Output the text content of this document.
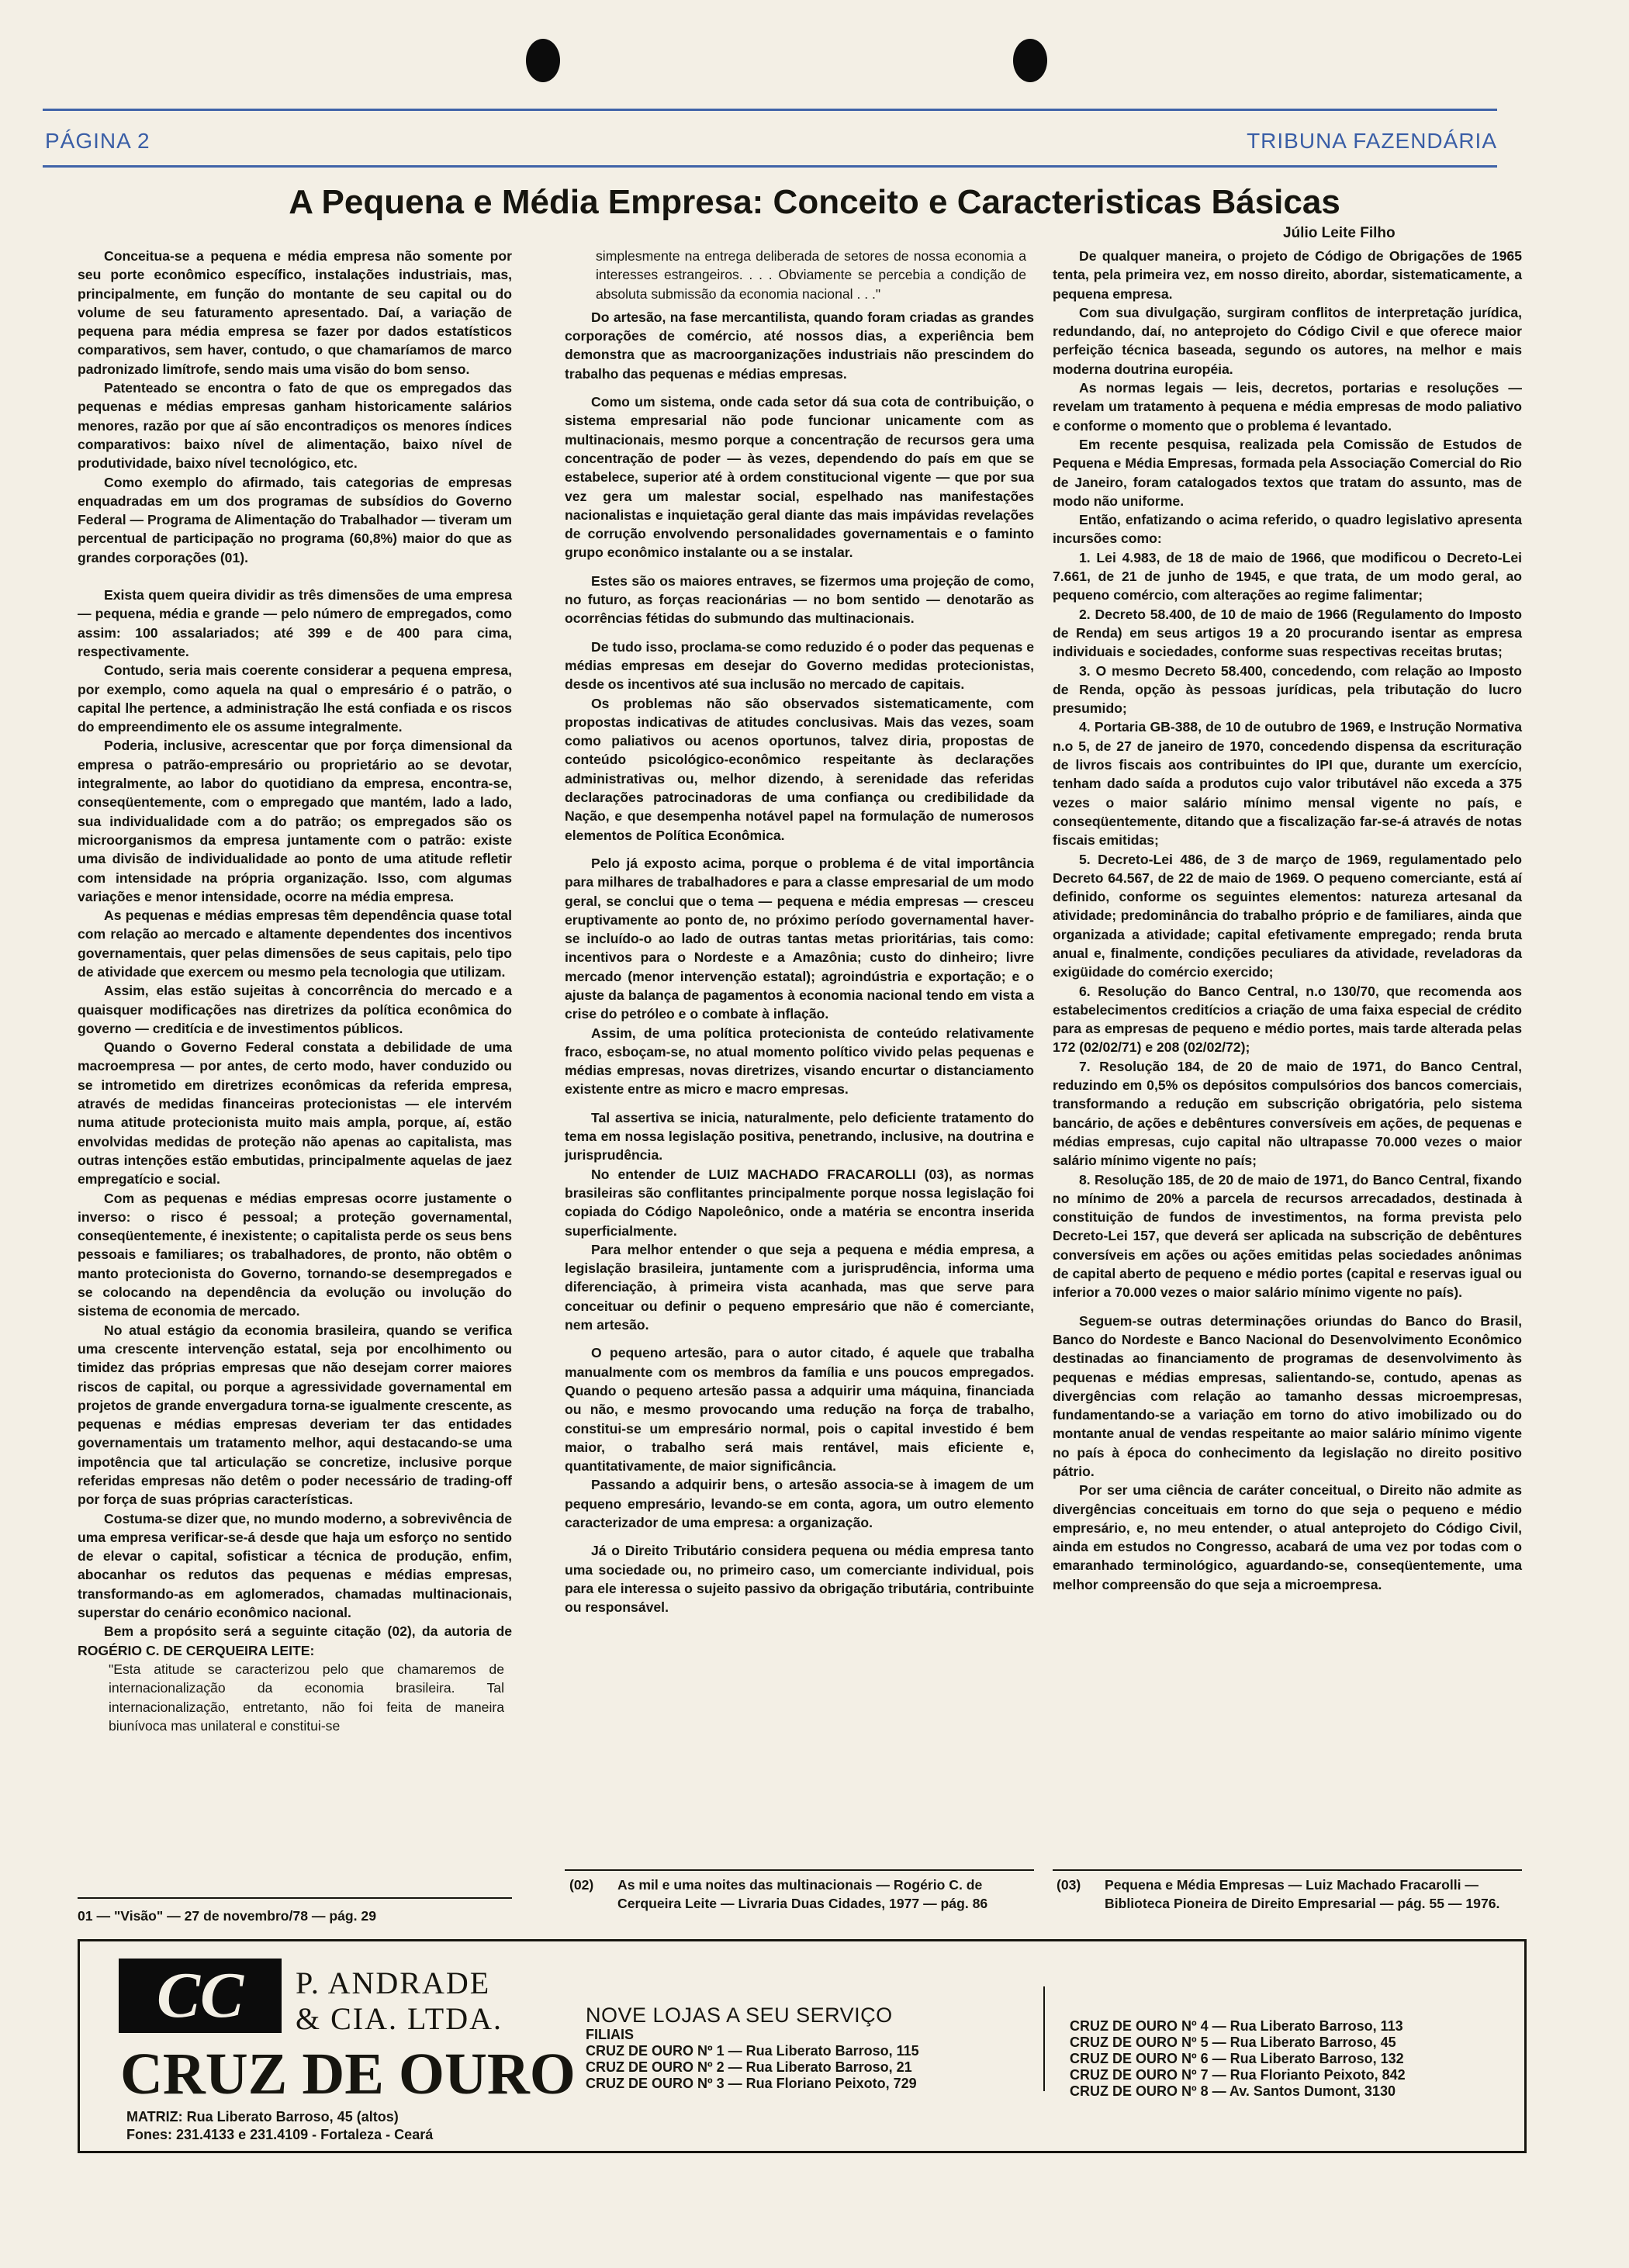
PÁGINA 2	TRIBUNA FAZENDÁRIA
A Pequena e Média Empresa: Conceito e Caracteristicas Básicas
Júlio Leite Filho

Conceitua-se a pequena e média empresa não somente por seu porte econômico específico, instalações industriais, mas, principalmente, em função do montante de seu capital ou do volume de seu faturamento apresentado. Daí, a variação de pequena para média empresa se fazer por dados estatísticos comparativos, sem haver, contudo, o que chamaríamos de marco padronizado limítrofe, sendo mais uma visão do bom senso.

Patenteado se encontra o fato de que os empregados das pequenas e médias empresas ganham historicamente salários menores, razão por que aí são encontradiços os menores índices comparativos: baixo nível de alimentação, baixo nível de produtividade, baixo nível tecnológico, etc.

Como exemplo do afirmado, tais categorias de empresas enquadradas em um dos programas de subsídios do Governo Federal — Programa de Alimentação do Trabalhador — tiveram um percentual de participação no programa (60,8%) maior do que as grandes corporações (01).

Exista quem queira dividir as três dimensões de uma empresa — pequena, média e grande — pelo número de empregados, como assim: 100 assalariados; até 399 e de 400 para cima, respectivamente.

Contudo, seria mais coerente considerar a pequena empresa, por exemplo, como aquela na qual o empresário é o patrão, o capital lhe pertence, a administração lhe está confiada e os riscos do empreendimento ele os assume integralmente.

Poderia, inclusive, acrescentar que por força dimensional da empresa o patrão-empresário ou proprietário ao se devotar, integralmente, ao labor do quotidiano da empresa, encontra-se, conseqüentemente, com o empregado que mantém, lado a lado, sua individualidade com a do patrão; os empregados são os microorganismos da empresa juntamente com o patrão: existe uma divisão de individualidade ao ponto de uma atitude refletir com intensidade na própria organização. Isso, com algumas variações e menor intensidade, ocorre na média empresa.

As pequenas e médias empresas têm dependência quase total com relação ao mercado e altamente dependentes dos incentivos governamentais, quer pelas dimensões de seus capitais, pelo tipo de atividade que exercem ou mesmo pela tecnologia que utilizam.

Assim, elas estão sujeitas à concorrência do mercado e a quaisquer modificações nas diretrizes da política econômica do governo — creditícia e de investimentos públicos.

Quando o Governo Federal constata a debilidade de uma macroempresa — por antes, de certo modo, haver conduzido ou se intrometido em diretrizes econômicas da referida empresa, através de medidas financeiras protecionistas — ele intervém numa atitude protecionista muito mais ampla, porque, aí, estão envolvidas medidas de proteção não apenas ao capitalista, mas outras intenções estão embutidas, principalmente aquelas de jaez empregatício e social.

Com as pequenas e médias empresas ocorre justamente o inverso: o risco é pessoal; a proteção governamental, conseqüentemente, é inexistente; o capitalista perde os seus bens pessoais e familiares; os trabalhadores, de pronto, não obtêm o manto protecionista do Governo, tornando-se desempregados e se colocando na dependência da evolução ou involução do sistema de economia de mercado.

No atual estágio da economia brasileira, quando se verifica uma crescente intervenção estatal, seja por encolhimento ou timidez das próprias empresas que não desejam correr maiores riscos de capital, ou porque a agressividade governamental em projetos de grande envergadura torna-se igualmente crescente, as pequenas e médias empresas deveriam ter das entidades governamentais um tratamento melhor, aqui destacando-se uma impotência que tal articulação se concretize, inclusive porque referidas empresas não detêm o poder necessário de trading-off por força de suas próprias características.

Costuma-se dizer que, no mundo moderno, a sobrevivência de uma empresa verificar-se-á desde que haja um esforço no sentido de elevar o capital, sofisticar a técnica de produção, enfim, abocanhar os redutos das pequenas e médias empresas, transformando-as em aglomerados, chamadas multinacionais, superstar do cenário econômico nacional.

Bem a propósito será a seguinte citação (02), da autoria de ROGÉRIO C. DE CERQUEIRA LEITE:

"Esta atitude se caracterizou pelo que chamaremos de internacionalização da economia brasileira. Tal internacionalização, entretanto, não foi feita de maneira biunívoca mas unilateral e constitui-se

simplesmente na entrega deliberada de setores de nossa economia a interesses estrangeiros. . . . Obviamente se percebia a condição de absoluta submissão da economia nacional . . ."

Do artesão, na fase mercantilista, quando foram criadas as grandes corporações de comércio, até nossos dias, a experiência bem demonstra que as macroorganizações industriais não prescindem do trabalho das pequenas e médias empresas.

Como um sistema, onde cada setor dá sua cota de contribuição, o sistema empresarial não pode funcionar unicamente com as multinacionais, mesmo porque a concentração de recursos gera uma concentração de poder — às vezes, dependendo do país em que se estabelece, superior até à ordem constitucional vigente — que por sua vez gera um malestar social, espelhado nas manifestações nacionalistas e inquietação geral diante das mais impávidas revelações de corrução envolvendo personalidades governamentais e o faminto grupo econômico instalante ou a se instalar.

Estes são os maiores entraves, se fizermos uma projeção de como, no futuro, as forças reacionárias — no bom sentido — denotarão as ocorrências fétidas do submundo das multinacionais.

De tudo isso, proclama-se como reduzido é o poder das pequenas e médias empresas em desejar do Governo medidas protecionistas, desde os incentivos até sua inclusão no mercado de capitais.

Os problemas não são observados sistematicamente, com propostas indicativas de atitudes conclusivas. Mais das vezes, soam como paliativos ou acenos oportunos, talvez diria, propostas de conteúdo psicológico-econômico respeitante às declarações administrativas ou, melhor dizendo, à serenidade das referidas declarações patrocinadoras de uma confiança ou credibilidade da Nação, e que desempenha notável papel na formulação de numerosos elementos de Política Econômica.

Pelo já exposto acima, porque o problema é de vital importância para milhares de trabalhadores e para a classe empresarial de um modo geral, se conclui que o tema — pequena e média empresas — cresceu eruptivamente ao ponto de, no próximo período governamental haver-se incluído-o ao lado de outras tantas metas prioritárias, tais como: incentivos para o Nordeste e a Amazônia; custo do dinheiro; livre mercado (menor intervenção estatal); agroindústria e exportação; e o ajuste da balança de pagamentos à economia nacional tendo em vista a crise do petróleo e o combate à inflação.

Assim, de uma política protecionista de conteúdo relativamente fraco, esboçam-se, no atual momento político vivido pelas pequenas e médias empresas, novas diretrizes, visando encurtar o distanciamento existente entre as micro e macro empresas.

Tal assertiva se inicia, naturalmente, pelo deficiente tratamento do tema em nossa legislação positiva, penetrando, inclusive, na doutrina e jurisprudência.

No entender de LUIZ MACHADO FRACAROLLI (03), as normas brasileiras são conflitantes principalmente porque nossa legislação foi copiada do Código Napoleônico, onde a matéria se encontra inserida superficialmente.

Para melhor entender o que seja a pequena e média empresa, a legislação brasileira, juntamente com a jurisprudência, informa uma diferenciação, à primeira vista acanhada, mas que serve para conceituar ou definir o pequeno empresário que não é comerciante, nem artesão.

O pequeno artesão, para o autor citado, é aquele que trabalha manualmente com os membros da família e uns poucos empregados. Quando o pequeno artesão passa a adquirir uma máquina, financiada ou não, e mesmo provocando uma redução na força de trabalho, constitui-se um empresário normal, pois o capital investido é bem maior, o trabalho será mais rentável, mais eficiente e, quantitativamente, de maior significância.

Passando a adquirir bens, o artesão associa-se à imagem de um pequeno empresário, levando-se em conta, agora, um outro elemento caracterizador de uma empresa: a organização.

Já o Direito Tributário considera pequena ou média empresa tanto uma sociedade ou, no primeiro caso, um comerciante individual, pois para ele interessa o sujeito passivo da obrigação tributária, contribuinte ou responsável.

De qualquer maneira, o projeto de Código de Obrigações de 1965 tenta, pela primeira vez, em nosso direito, abordar, sistematicamente, a pequena empresa.

Com sua divulgação, surgiram conflitos de interpretação jurídica, redundando, daí, no anteprojeto do Código Civil e que oferece maior perfeição técnica baseada, segundo os autores, na melhor e mais moderna doutrina européia.

As normas legais — leis, decretos, portarias e resoluções — revelam um tratamento à pequena e média empresas de modo paliativo e conforme o momento que o problema é levantado.

Em recente pesquisa, realizada pela Comissão de Estudos de Pequena e Média Empresas, formada pela Associação Comercial do Rio de Janeiro, foram catalogados textos que tratam do assunto, mas de modo não uniforme.

Então, enfatizando o acima referido, o quadro legislativo apresenta incursões como:

1. Lei 4.983, de 18 de maio de 1966, que modificou o Decreto-Lei 7.661, de 21 de junho de 1945, e que trata, de um modo geral, ao pequeno comércio, com alterações ao regime falimentar;

2. Decreto 58.400, de 10 de maio de 1966 (Regulamento do Imposto de Renda) em seus artigos 19 a 20 procurando isentar as empresa individuais e sociedades, conforme suas respectivas receitas brutas;

3. O mesmo Decreto 58.400, concedendo, com relação ao Imposto de Renda, opção às pessoas jurídicas, pela tributação do lucro presumido;

4. Portaria GB-388, de 10 de outubro de 1969, e Instrução Normativa n.o 5, de 27 de janeiro de 1970, concedendo dispensa da escrituração de livros fiscais aos contribuintes do IPI que, durante um exercício, tenham dado saída a produtos cujo valor tributável não exceda a 375 vezes o maior salário mínimo mensal vigente no país, e conseqüentemente, ditando que a fiscalização far-se-á através de notas fiscais emitidas;

5. Decreto-Lei 486, de 3 de março de 1969, regulamentado pelo Decreto 64.567, de 22 de maio de 1969. O pequeno comerciante, está aí definido, conforme os seguintes elementos: natureza artesanal da atividade; predominância do trabalho próprio e de familiares, ainda que organizada a atividade; capital efetivamente empregado; renda bruta anual e, finalmente, condições peculiares da atividade, reveladoras da exigüidade do comércio exercido;

6. Resolução do Banco Central, n.o 130/70, que recomenda aos estabelecimentos creditícios a criação de uma faixa especial de crédito para as empresas de pequeno e médio portes, mais tarde alterada pelas 172 (02/02/71) e 208 (02/02/72);

7. Resolução 184, de 20 de maio de 1971, do Banco Central, reduzindo em 0,5% os depósitos compulsórios dos bancos comerciais, transformando a redução em subscrição obrigatória, pelo sistema bancário, de ações e debêntures conversíveis em ações, de pequenas e médias empresas, cujo capital não ultrapasse 70.000 vezes o maior salário mínimo vigente no país;

8. Resolução 185, de 20 de maio de 1971, do Banco Central, fixando no mínimo de 20% a parcela de recursos arrecadados, destinada à constituição de fundos de investimentos, na forma prevista pelo Decreto-Lei 157, que deverá ser aplicada na subscrição de debêntures conversíveis em ações ou ações emitidas pelas sociedades anônimas de capital aberto de pequeno e médio portes (capital e reservas igual ou inferior a 70.000 vezes o maior salário mínimo vigente no país).

Seguem-se outras determinações oriundas do Banco do Brasil, Banco do Nordeste e Banco Nacional do Desenvolvimento Econômico destinadas ao financiamento de programas de desenvolvimento às pequenas e médias empresas, salientando-se, contudo, apenas as divergências com relação ao tamanho dessas microempresas, fundamentando-se a variação em torno do ativo imobilizado ou do montante anual de vendas respeitante ao maior salário mínimo vigente no país à época do conhecimento da legislação no direito positivo pátrio.

Por ser uma ciência de caráter conceitual, o Direito não admite as divergências conceituais em torno do que seja o pequeno e médio empresário, e, no meu entender, o atual anteprojeto do Código Civil, ainda em estudos no Congresso, acabará de uma vez por todas com o emaranhado terminológico, aguardando-se, conseqüentemente, uma melhor compreensão do que seja a microempresa.

01 — "Visão" — 27 de novembro/78 — pág. 29
(02) As mil e uma noites das multinacionais — Rogério C. de Cerqueira Leite — Livraria Duas Cidades, 1977 — pág. 86
(03) Pequena e Média Empresas — Luiz Machado Fracarolli — Biblioteca Pioneira de Direito Empresarial — pág. 55 — 1976.
CC	P. ANDRADE
& CIA. LTDA.
CRUZ DE OURO
MATRIZ: Rua Liberato Barroso, 45 (altos)
Fones: 231.4133 e 231.4109 - Fortaleza - Ceará
NOVE LOJAS A SEU SERVIÇO
FILIAIS
CRUZ DE OURO Nº 1 — Rua Liberato Barroso, 115
CRUZ DE OURO Nº 2 — Rua Liberato Barroso, 21
CRUZ DE OURO Nº 3 — Rua Floriano Peixoto, 729
CRUZ DE OURO Nº 4 — Rua Liberato Barroso, 113
CRUZ DE OURO Nº 5 — Rua Liberato Barroso, 45
CRUZ DE OURO Nº 6 — Rua Liberato Barroso, 132
CRUZ DE OURO Nº 7 — Rua Florianto Peixoto, 842
CRUZ DE OURO Nº 8 — Av. Santos Dumont, 3130
